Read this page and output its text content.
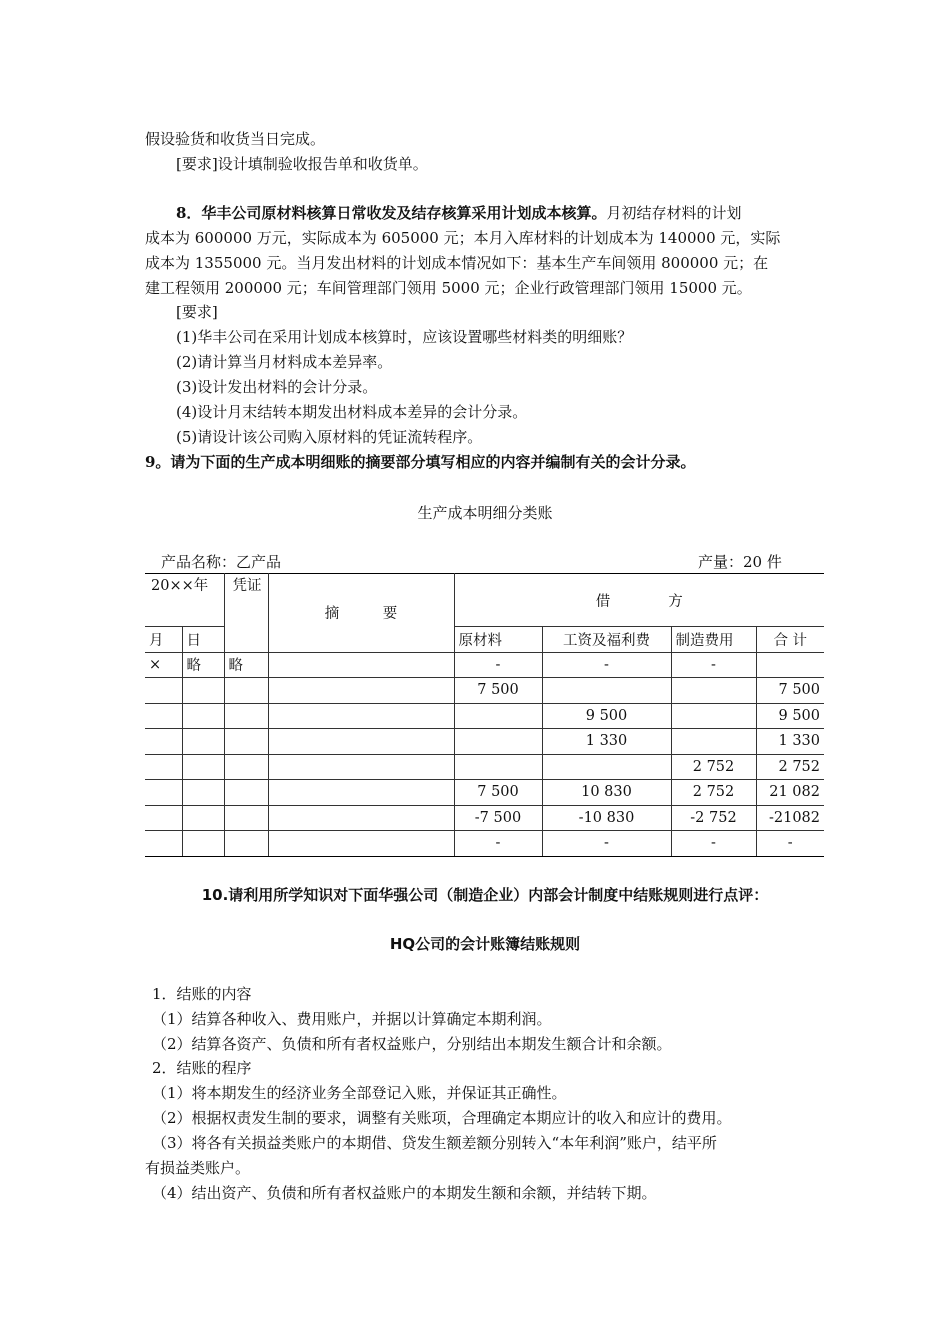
假设验货和收货当日完成。
[要求]设计填制验收报告单和收货单。
8．华丰公司原材料核算日常收发及结存核算采用计划成本核算。月初结存材料的计划
成本为 600000 万元，实际成本为 605000 元；本月入库材料的计划成本为 140000 元，实际
成本为 1355000 元。当月发出材料的计划成本情况如下：基本生产车间领用 800000 元；在
建工程领用 200000 元；车间管理部门领用 5000 元；企业行政管理部门领用 15000 元。
[要求]
(1)华丰公司在采用计划成本核算时，应该设置哪些材料类的明细账？
(2)请计算当月材料成本差异率。
(3)设计发出材料的会计分录。
(4)设计月末结转本期发出材料成本差异的会计分录。
(5)请设计该公司购入原材料的凭证流转程序。
9。请为下面的生产成本明细账的摘要部分填写相应的内容并编制有关的会计分录。
生产成本明细分类账
产品名称：乙产品	产量：20 件
20××年		凭证	摘　　　要	借　　　　方			
月	日			原材料	工资及福利费	制造费用	合 计
×	略	略		-	-	-	
				7 500			7 500
					9 500		9 500
					1 330		1 330
						2 752	2 752
				7 500	10 830	2 752	21 082
				-7 500	-10 830	-2 752	-21082
				-	-	-	-
10.请利用所学知识对下面华强公司（制造企业）内部会计制度中结账规则进行点评：
HQ公司的会计账簿结账规则
1．结账的内容
（1）结算各种收入、费用账户，并据以计算确定本期利润。
（2）结算各资产、负债和所有者权益账户，分别结出本期发生额合计和余额。
2．结账的程序
（1）将本期发生的经济业务全部登记入账，并保证其正确性。
（2）根据权责发生制的要求，调整有关账项，合理确定本期应计的收入和应计的费用。
（3）将各有关损益类账户的本期借、贷发生额差额分别转入“本年利润”账户，结平所
有损益类账户。
（4）结出资产、负债和所有者权益账户的本期发生额和余额，并结转下期。
